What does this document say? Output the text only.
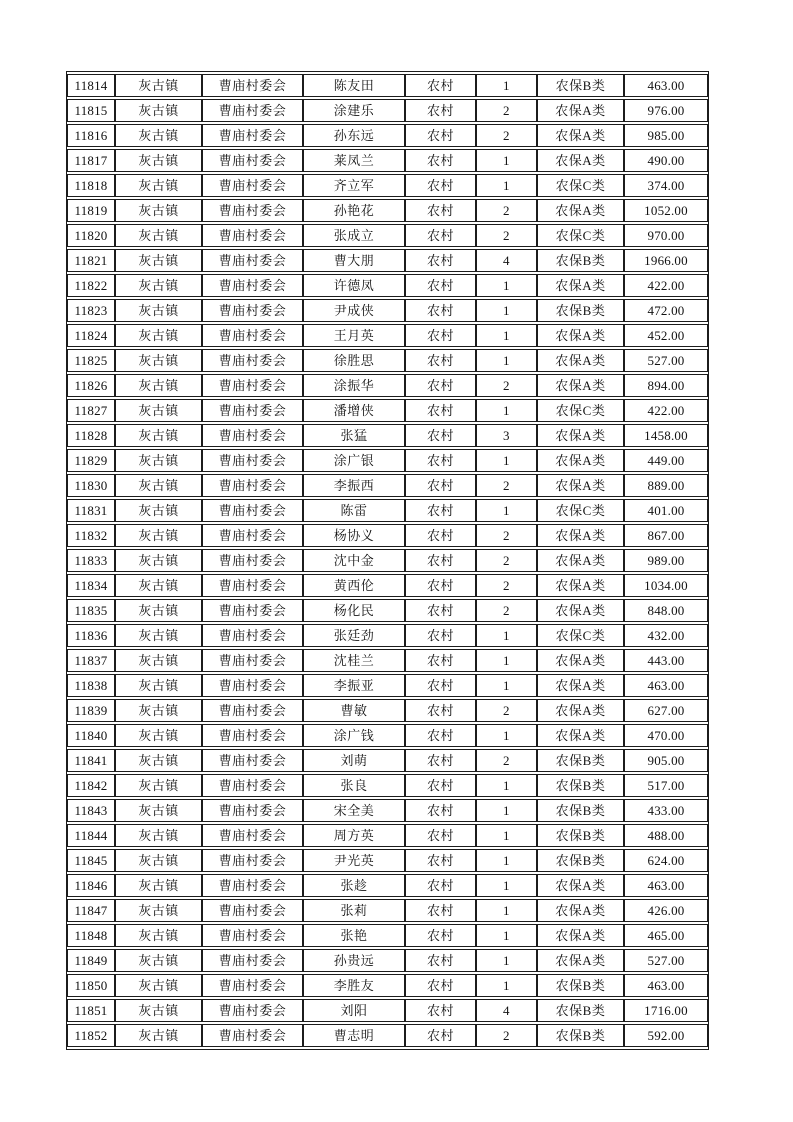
11814	灰古镇	曹庙村委会	陈友田	农村	1	农保B类	463.00
11815	灰古镇	曹庙村委会	涂建乐	农村	2	农保A类	976.00
11816	灰古镇	曹庙村委会	孙东远	农村	2	农保A类	985.00
11817	灰古镇	曹庙村委会	莱凤兰	农村	1	农保A类	490.00
11818	灰古镇	曹庙村委会	齐立军	农村	1	农保C类	374.00
11819	灰古镇	曹庙村委会	孙艳花	农村	2	农保A类	1052.00
11820	灰古镇	曹庙村委会	张成立	农村	2	农保C类	970.00
11821	灰古镇	曹庙村委会	曹大朋	农村	4	农保B类	1966.00
11822	灰古镇	曹庙村委会	许德凤	农村	1	农保A类	422.00
11823	灰古镇	曹庙村委会	尹成侠	农村	1	农保B类	472.00
11824	灰古镇	曹庙村委会	王月英	农村	1	农保A类	452.00
11825	灰古镇	曹庙村委会	徐胜思	农村	1	农保A类	527.00
11826	灰古镇	曹庙村委会	涂振华	农村	2	农保A类	894.00
11827	灰古镇	曹庙村委会	潘增侠	农村	1	农保C类	422.00
11828	灰古镇	曹庙村委会	张猛	农村	3	农保A类	1458.00
11829	灰古镇	曹庙村委会	涂广银	农村	1	农保A类	449.00
11830	灰古镇	曹庙村委会	李振西	农村	2	农保A类	889.00
11831	灰古镇	曹庙村委会	陈雷	农村	1	农保C类	401.00
11832	灰古镇	曹庙村委会	杨协义	农村	2	农保A类	867.00
11833	灰古镇	曹庙村委会	沈中金	农村	2	农保A类	989.00
11834	灰古镇	曹庙村委会	黄西伦	农村	2	农保A类	1034.00
11835	灰古镇	曹庙村委会	杨化民	农村	2	农保A类	848.00
11836	灰古镇	曹庙村委会	张廷劲	农村	1	农保C类	432.00
11837	灰古镇	曹庙村委会	沈桂兰	农村	1	农保A类	443.00
11838	灰古镇	曹庙村委会	李振亚	农村	1	农保A类	463.00
11839	灰古镇	曹庙村委会	曹敏	农村	2	农保A类	627.00
11840	灰古镇	曹庙村委会	涂广钱	农村	1	农保A类	470.00
11841	灰古镇	曹庙村委会	刘萌	农村	2	农保B类	905.00
11842	灰古镇	曹庙村委会	张良	农村	1	农保B类	517.00
11843	灰古镇	曹庙村委会	宋全美	农村	1	农保B类	433.00
11844	灰古镇	曹庙村委会	周方英	农村	1	农保B类	488.00
11845	灰古镇	曹庙村委会	尹光英	农村	1	农保B类	624.00
11846	灰古镇	曹庙村委会	张趁	农村	1	农保A类	463.00
11847	灰古镇	曹庙村委会	张莉	农村	1	农保A类	426.00
11848	灰古镇	曹庙村委会	张艳	农村	1	农保A类	465.00
11849	灰古镇	曹庙村委会	孙贵远	农村	1	农保A类	527.00
11850	灰古镇	曹庙村委会	李胜友	农村	1	农保B类	463.00
11851	灰古镇	曹庙村委会	刘阳	农村	4	农保B类	1716.00
11852	灰古镇	曹庙村委会	曹志明	农村	2	农保B类	592.00
